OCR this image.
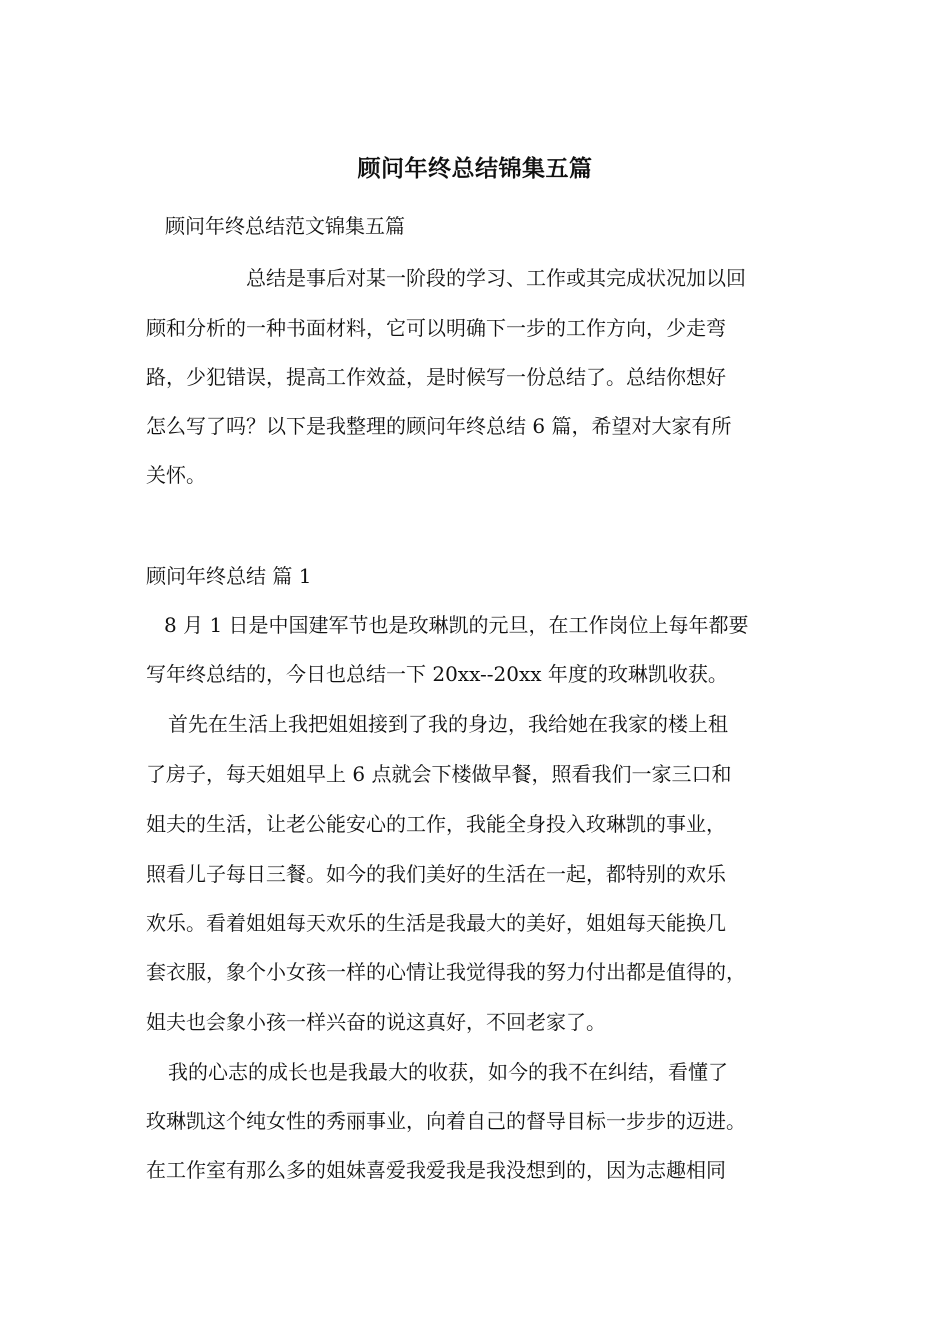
顾问年终总结锦集五篇

顾问年终总结范文锦集五篇

总结是事后对某一阶段的学习、工作或其完成状况加以回

顾和分析的一种书面材料，它可以明确下一步的工作方向，少走弯

路，少犯错误，提高工作效益，是时候写一份总结了。总结你想好

怎么写了吗？以下是我整理的顾问年终总结 6 篇，希望对大家有所

关怀。

顾问年终总结 篇 1

8 月 1 日是中国建军节也是玫琳凯的元旦，在工作岗位上每年都要

写年终总结的，今日也总结一下 20xx--20xx 年度的玫琳凯收获。

首先在生活上我把姐姐接到了我的身边，我给她在我家的楼上租

了房子，每天姐姐早上 6 点就会下楼做早餐，照看我们一家三口和

姐夫的生活，让老公能安心的工作，我能全身投入玫琳凯的事业，

照看儿子每日三餐。如今的我们美好的生活在一起，都特别的欢乐

欢乐。看着姐姐每天欢乐的生活是我最大的美好，姐姐每天能换几

套衣服，象个小女孩一样的心情让我觉得我的努力付出都是值得的，

姐夫也会象小孩一样兴奋的说这真好，不回老家了。

我的心志的成长也是我最大的收获，如今的我不在纠结，看懂了

玫琳凯这个纯女性的秀丽事业，向着自己的督导目标一步步的迈进。

在工作室有那么多的姐妹喜爱我爱我是我没想到的，因为志趣相同
